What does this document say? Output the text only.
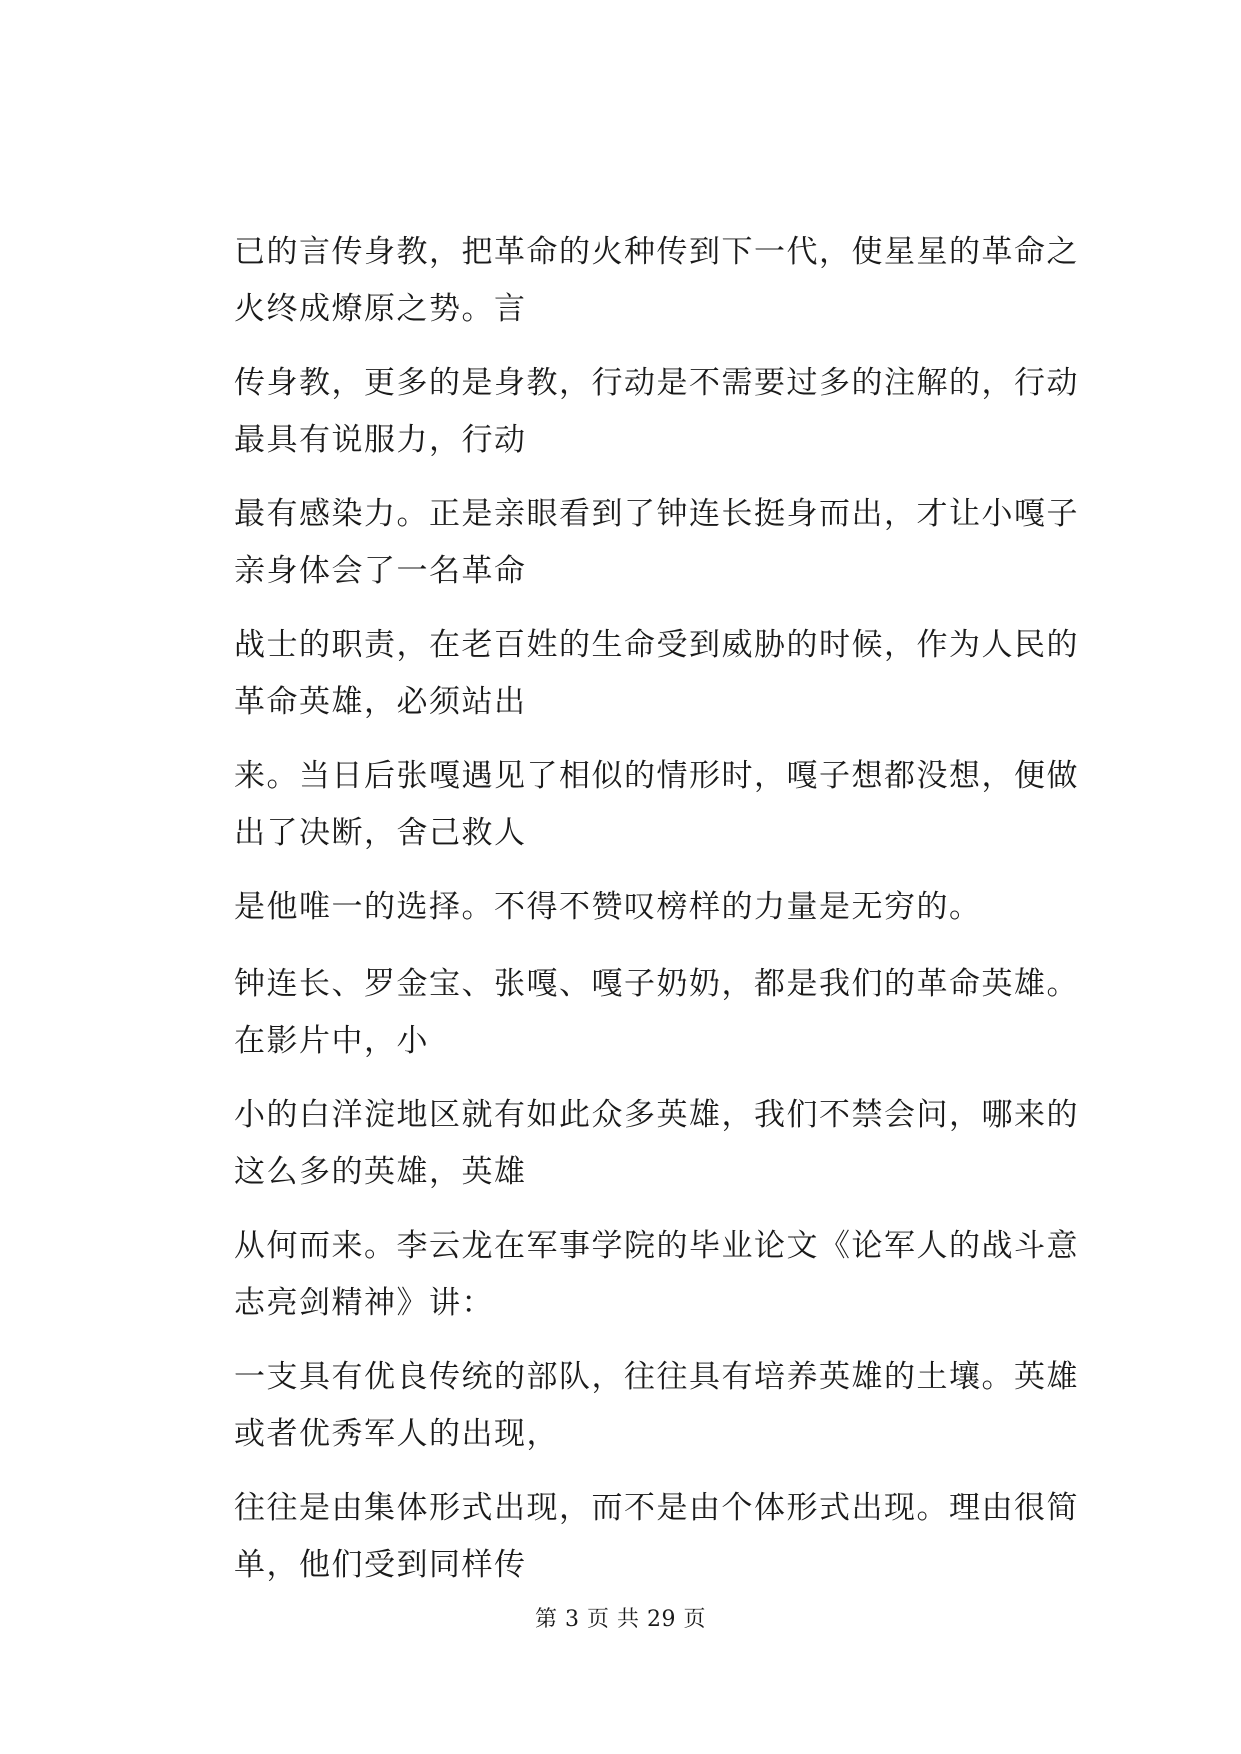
已的言传身教，把革命的火种传到下一代，使星星的革命之
火终成燎原之势。言

传身教，更多的是身教，行动是不需要过多的注解的，行动
最具有说服力，行动

最有感染力。正是亲眼看到了钟连长挺身而出，才让小嘎子
亲身体会了一名革命

战士的职责，在老百姓的生命受到威胁的时候，作为人民的
革命英雄，必须站出

来。当日后张嘎遇见了相似的情形时，嘎子想都没想，便做
出了决断，舍己救人

是他唯一的选择。不得不赞叹榜样的力量是无穷的。

钟连长、罗金宝、张嘎、嘎子奶奶，都是我们的革命英雄。
在影片中，小

小的白洋淀地区就有如此众多英雄，我们不禁会问，哪来的
这么多的英雄，英雄

从何而来。李云龙在军事学院的毕业论文《论军人的战斗意
志亮剑精神》讲：

一支具有优良传统的部队，往往具有培养英雄的土壤。英雄
或者优秀军人的出现，

往往是由集体形式出现，而不是由个体形式出现。理由很简
单，他们受到同样传

第 3 页 共 29 页
